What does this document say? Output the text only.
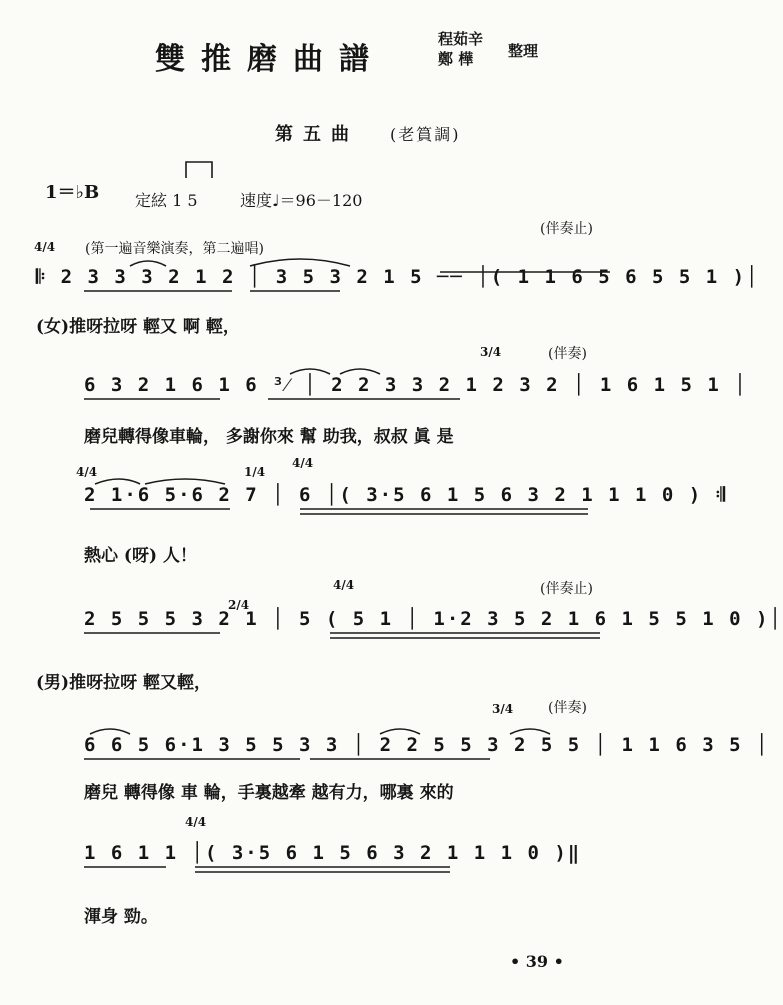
雙推磨曲譜
程茹辛
鄭 樺 整理
第五曲 (老篔調)
1＝♭B 定絃 1 5	速度♩＝96－120
4/4 (第一遍音樂演奏，第二遍唱)
(伴奏止)
𝄆 2 3 3 3 2 1 2 │ 3 5 3 2 1 5 ── │( 1 1 6 5 6 5 5 1 )│
(女)推呀拉呀 輕又 啊 輕，
3/4	(伴奏)
6 3 2 1 6 1 6 ³⁄ │ 2 2 3 3 2 1 2 3 2 │ 1 6 1 5 1 │
磨兒轉得像車輪， 多謝你來 幫 助我，叔叔 眞 是
4/4	1/4
4/4
2 1·6 5·6 2 7 │ 6 │( 3·5 6 1 5 6 3 2 1 1 1 0 ) 𝄇
熱心 (呀) 人！
2/4
4/4	(伴奏止)
2 5 5 5 3 2 1 │ 5 ( 5 1 │ 1·2 3 5 2 1 6 1 5 5 1 0 )│
(男)推呀拉呀 輕又輕，
3/4 (伴奏)
6 6 5 6·1 3 5 5 3 3 │ 2 2 5 5 3 2 5 5 │ 1 1 6 3 5 │
磨兒 轉得像 車 輪，手裏越牽 越有力，哪裏 來的
4/4
1 6 1 1 │( 3·5 6 1 5 6 3 2 1 1 1 0 )‖
渾身 勁。
• 39 •
